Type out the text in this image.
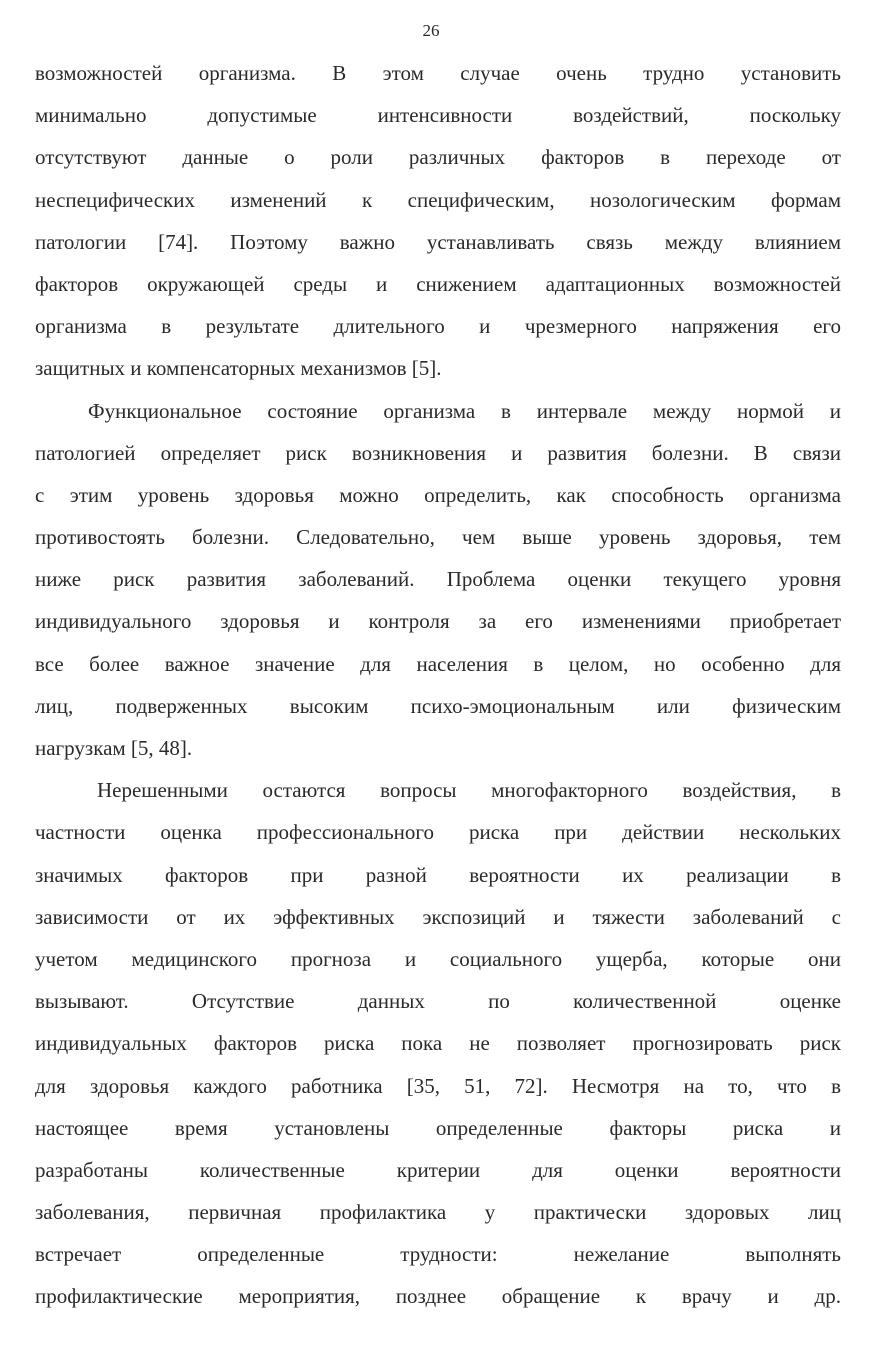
26
возможностей организма. В этом случае очень трудно установить
минимально допустимые интенсивности воздействий, поскольку
отсутствуют данные о роли различных факторов в переходе от
неспецифических изменений к специфическим, нозологическим формам
патологии [74]. Поэтому важно устанавливать связь между влиянием
факторов окружающей среды и снижением адаптационных возможностей
организма в результате длительного и чрезмерного напряжения его
защитных и компенсаторных механизмов [5].
Функциональное состояние организма в интервале между нормой и
патологией определяет риск возникновения и развития болезни. В связи
с этим уровень здоровья можно определить, как способность организма
противостоять болезни. Следовательно, чем выше уровень здоровья, тем
ниже риск развития заболеваний. Проблема оценки текущего уровня
индивидуального здоровья и контроля за его изменениями приобретает
все более важное значение для населения в целом, но особенно для
лиц, подверженных высоким психо-эмоциональным или физическим
нагрузкам [5, 48].
Нерешенными остаются вопросы многофакторного воздействия, в
частности оценка профессионального риска при действии нескольких
значимых факторов при разной вероятности их реализации в
зависимости от их эффективных экспозиций и тяжести заболеваний с
учетом медицинского прогноза и социального ущерба, которые они
вызывают. Отсутствие данных по количественной оценке
индивидуальных факторов риска пока не позволяет прогнозировать риск
для здоровья каждого работника [35, 51, 72]. Несмотря на то, что в
настоящее время установлены определенные факторы риска и
разработаны количественные критерии для оценки вероятности
заболевания, первичная профилактика у практически здоровых лиц
встречает определенные трудности: нежелание выполнять
профилактические мероприятия, позднее обращение к врачу и др.
